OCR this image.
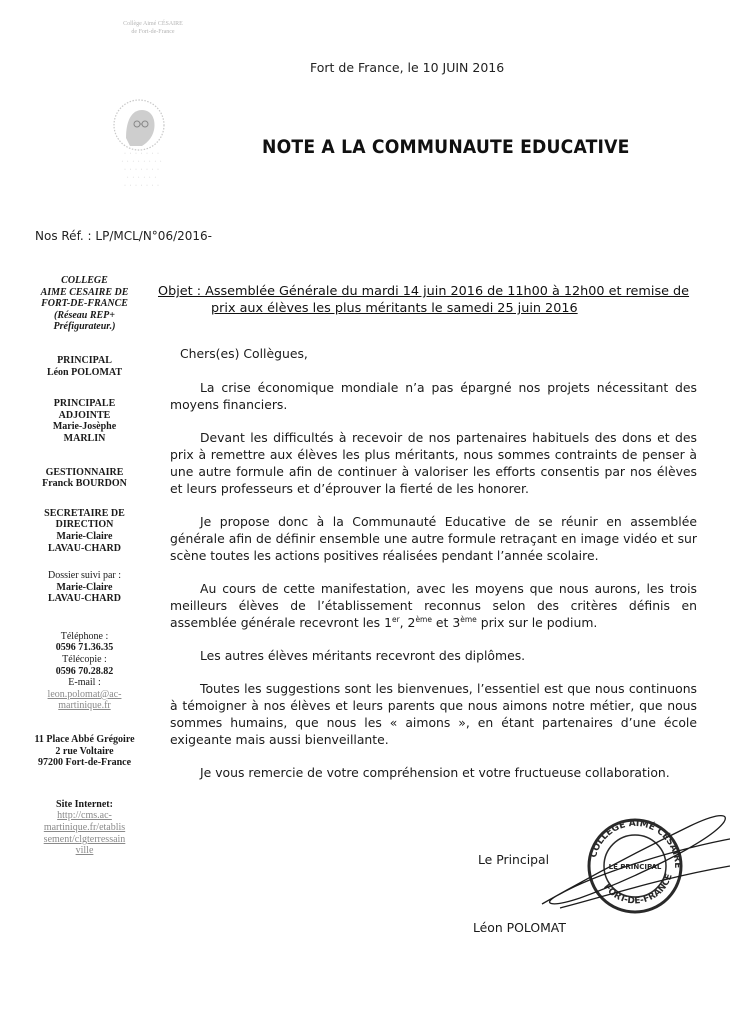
Collège Aimé CÉSAIRE
de Fort-de-France
· · · · · · ·
· · · · · · · ·
· · · · · · ·
· · · · · ·
· · · · · · ·
Fort de France, le 10 JUIN 2016
NOTE A LA COMMUNAUTE EDUCATIVE
Nos Réf. : LP/MCL/N°06/2016-
COLLEGE
AIME CESAIRE DE
FORT-DE-FRANCE
(Réseau REP+
Préfigurateur.)
PRINCIPAL
Léon POLOMAT
PRINCIPALE
ADJOINTE
Marie-Josèphe
MARLIN
GESTIONNAIRE
Franck BOURDON
SECRETAIRE DE
DIRECTION
Marie-Claire
LAVAU-CHARD
Dossier suivi par :
Marie-Claire
LAVAU-CHARD
Téléphone :
0596 71.36.35
Télécopie :
0596 70.28.82
E-mail :
leon.polomat@ac-
martinique.fr
11 Place Abbé Grégoire
2 rue Voltaire
97200 Fort-de-France
Site Internet:
http://cms.ac-
martinique.fr/etablis
sement/clgterressain
ville
Objet : Assemblée Générale du mardi 14 juin 2016 de 11h00 à 12h00 et remise de
prix aux élèves les plus méritants le samedi 25 juin 2016

Chers(es) Collègues,

La crise économique mondiale n’a pas épargné nos projets nécessitant des moyens financiers.

Devant les difficultés à recevoir de nos partenaires habituels des dons et des prix à remettre aux élèves les plus méritants, nous sommes contraints de penser à une autre formule afin de continuer à valoriser les efforts consentis par nos élèves et leurs professeurs et d’éprouver la fierté de les honorer.

Je propose donc à la Communauté Educative de se réunir en assemblée générale afin de définir ensemble une autre formule retraçant en image vidéo et sur scène toutes les actions positives réalisées pendant l’année scolaire.

Au cours de cette manifestation, avec les moyens que nous aurons, les trois meilleurs élèves de l’établissement reconnus selon des critères définis en assemblée générale recevront les 1er, 2ème et 3ème prix sur le podium.

Les autres élèves méritants recevront des diplômes.

Toutes les suggestions sont les bienvenues, l’essentiel est que nous continuons à témoigner à nos élèves et leurs parents que nous aimons notre métier, que nous sommes humains, que nous les « aimons », en étant partenaires d’une école exigeante mais aussi bienveillante.

Je vous remercie de votre compréhension et votre fructueuse collaboration.

Le Principal	COLLEGE AIMÉ CÉSAIRE
FORT-DE-FRANCE
LE PRINCIPAL
Léon POLOMAT
